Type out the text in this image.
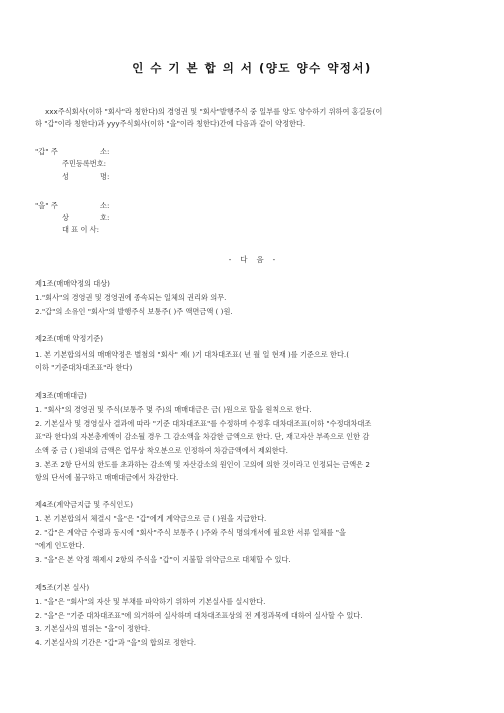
인 수 기 본 합 의 서 (양도 양수 약정서)
xxx주식회사(이하 "회사"라 칭한다)의 경영권 및 "회사"발행주식 중 일부를 양도 양수하기 위하여 홍길동(이
하 "갑"이라 칭한다)과 yyy주식회사(이하 "을"이라 칭한다)간에 다음과 같이 약정한다.
"갑" 주	소:
주민등록번호:
성	명:
"을" 주	소:
상	호:
대 표 이 사:
-    다    음    -
제1조(매매약정의 대상)
1."회사"의 경영권 및 경영권에 종속되는 일체의 권리와 의무.
2."갑"의 소유인 "회사"의 발행주식 보통주( )주 액면금액 ( )원.
제2조(매매 약정기준)
1. 본 기본합의서의 매매약정은 별첨의 "회사" 제( )기 대차대조표( 년 월 일 현재 )를 기준으로 한다.(
이하 "기준대차대조표"라 한다)
제3조(매매대금)
1. "회사"의 경영권 및 주식(보통주 몇 주)의 매매대금은 금( )원으로 할을 원칙으로 한다.
2. 기본실사 및 경영실사 결과에 따라 "기준 대차대조표"를 수정하며 수정후 대차대조표(이하 "수정대차대조
표"라 한다)의 자본총계액이 감소될 경우 그 감소액을 차감한 금액으로 한다. 단, 재고자산 부족으로 인한 감
소액 중 금 ( )원내의 금액은 업무상 착오분으로 인정하여 차감금액에서 제외한다.
3. 본조 2항 단서의 한도를 초과하는 감소액 및 자산감소의 원인이 고의에 의한 것이라고 인정되는 금액은 2
항의 단서에 불구하고 매매대금에서 차감한다.
제4조(계약금지급 및 주식인도)
1. 본 기본합의서 체결시 "을"은 "갑"에게 계약금으로 금 ( )원을 지급한다.
2. "갑"은 계약금 수령과 동시에 "회사"주식 보통주 ( )주와 주식 명의개서에 필요한 서류 일체를 "을
"에게 인도한다.
3. "을"은 본 약정 해제시 2항의 주식을 "갑"이 지불할 위약금으로 대체할 수 있다.
제5조(기본 실사)
1. "을"은 "회사"의 자산 및 부채를 파악하기 위하여 기본실사를 실시한다.
2. "을"은 "기준 대차대조표"에 의거하여 실사하며 대차대조표상의 전 계정과목에 대하여 실사할 수 있다.
3. 기본실사의 범위는 "을"이 정한다.
4. 기본실사의 기간은 "갑"과 "을"의 합의로 정한다.
